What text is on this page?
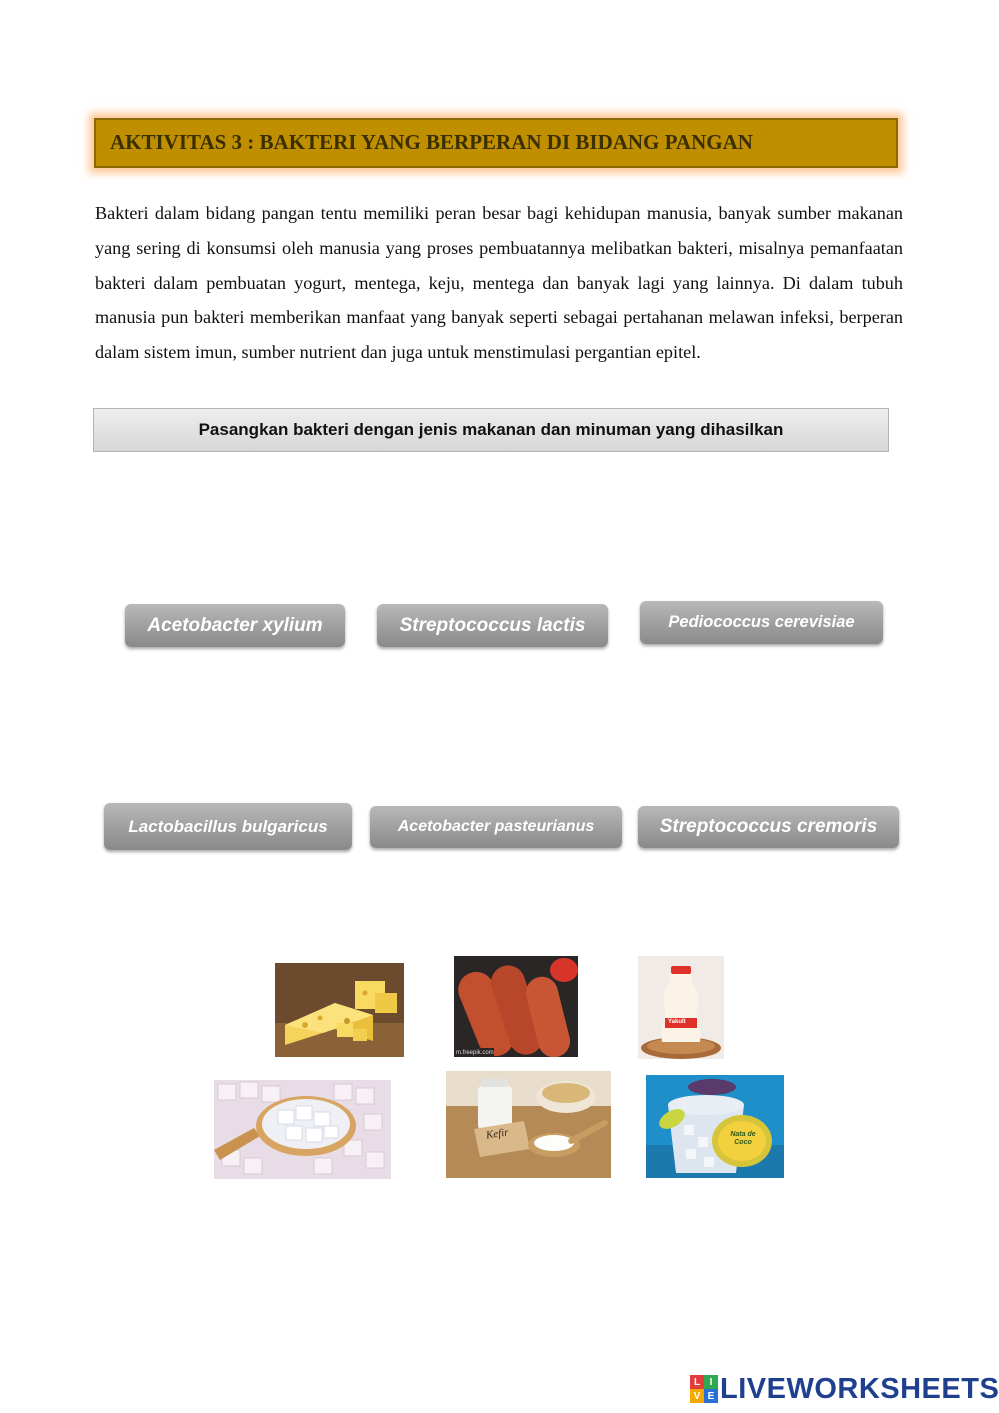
AKTIVITAS 3 : BAKTERI YANG BERPERAN DI BIDANG PANGAN

Bakteri dalam bidang pangan tentu memiliki peran besar bagi kehidupan manusia, banyak sumber makanan yang sering di konsumsi oleh manusia yang proses pembuatannya melibatkan bakteri, misalnya pemanfaatan bakteri dalam pembuatan yogurt, mentega, keju, mentega dan banyak lagi yang lainnya. Di dalam tubuh manusia pun bakteri memberikan manfaat yang banyak seperti sebagai pertahanan melawan infeksi, berperan dalam sistem imun, sumber nutrient dan juga untuk menstimulasi pergantian epitel.

Pasangkan bakteri dengan jenis makanan dan minuman yang dihasilkan
Acetobacter xylium	Streptococcus lactis	Pediococcus cerevisiae
Lactobacillus bulgaricus	Acetobacter pasteurianus	Streptococcus cremoris
m.freepik.com
Yakult
Kefir	Nata de Coco
L I
V E LIVEWORKSHEETS
